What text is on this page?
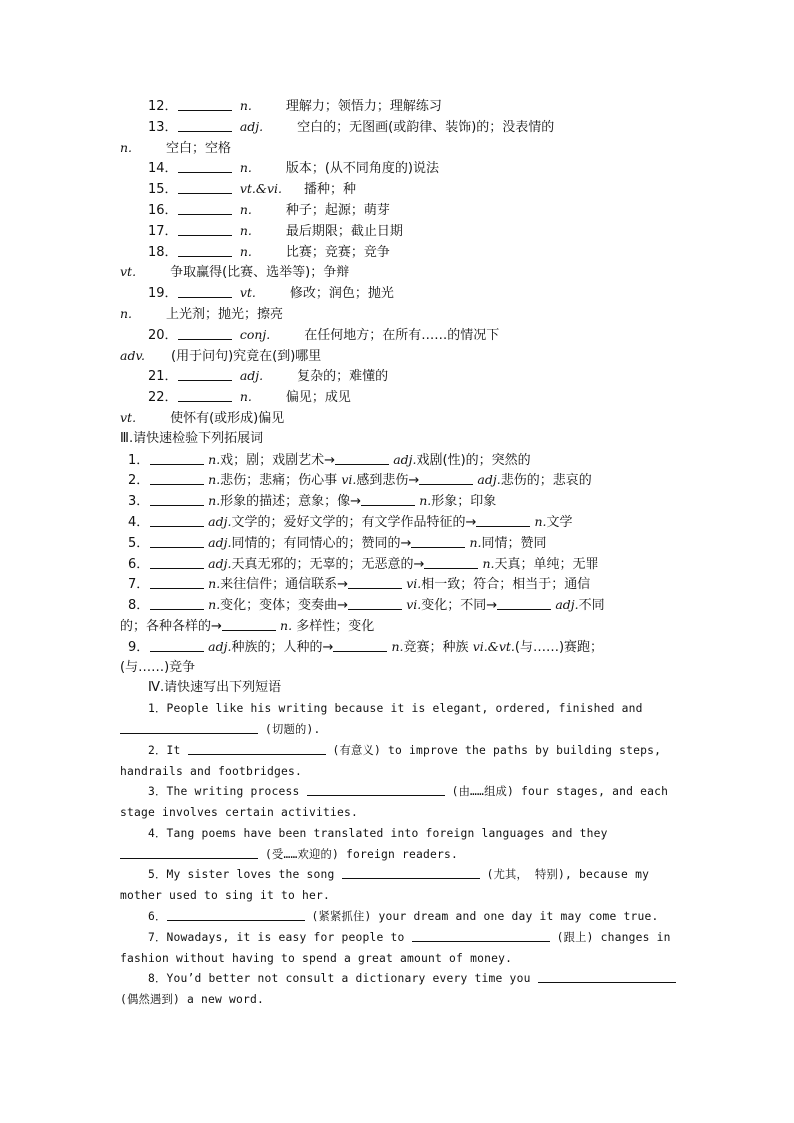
12．	n.	理解力；领悟力；理解练习
13．	adj.	空白的；无图画(或韵律、装饰)的；没表情的
n.	空白；空格
14．	n.	版本；(从不同角度的)说法
15．	vt.&vi. 播种；种
16．	n.	种子；起源；萌芽
17．	n.	最后期限；截止日期
18．	n.	比赛；竞赛；竞争
vt.	争取赢得(比赛、选举等)；争辩
19．	vt.	修改；润色；抛光
n.	上光剂；抛光；擦亮
20．	conj.	在任何地方；在所有……的情况下
adv. (用于问句)究竟在(到)哪里
21．	adj.	复杂的；难懂的
22．	n.	偏见；成见
vt.	使怀有(或形成)偏见
Ⅲ.请快速检验下列拓展词
1．	n.戏；剧；戏剧艺术→	adj.戏剧(性)的；突然的
2．	n.悲伤；悲痛；伤心事 vi.感到悲伤→	adj.悲伤的；悲哀的
3．	n.形象的描述；意象；像→	n.形象；印象
4．	adj.文学的；爱好文学的；有文学作品特征的→	n.文学
5．	adj.同情的；有同情心的；赞同的→	n.同情；赞同
6．	adj.天真无邪的；无辜的；无恶意的→	n.天真；单纯；无罪
7．	n.来往信件；通信联系→	vi.相一致；符合；相当于；通信
8．	n.变化；变体；变奏曲→	vi.变化；不同→	adj.不同
的；各种各样的→	n. 多样性；变化
9．	adj.种族的；人种的→	n.竞赛；种族 vi.&vt.(与……)赛跑；
(与……)竞争
Ⅳ.请快速写出下列短语
1．People like his writing because it is elegant, ordered, finished and
(切题的).
2．It	(有意义) to improve the paths by building steps,
handrails and footbridges.
3．The writing process	(由……组成) four stages, and each
stage involves certain activities.
4．Tang poems have been translated into foreign languages and they
(受……欢迎的) foreign readers.
5．My sister loves the song	(尤其， 特别), because my
mother used to sing it to her.
6．	(紧紧抓住) your dream and one day it may come true.
7．Nowadays, it is easy for people to	(跟上) changes in
fashion without having to spend a great amount of money.
8．You’d better not consult a dictionary every time you
(偶然遇到) a new word.
